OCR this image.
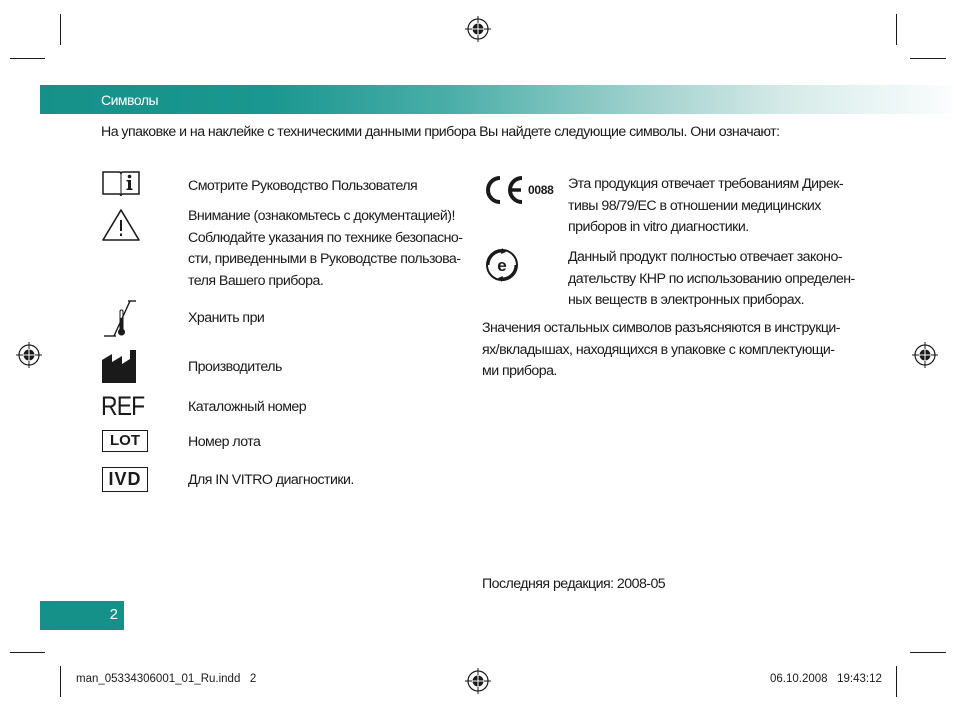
Символы
На упаковке и на наклейке с техническими данными прибора Вы найдете следующие символы. Они означают:
REF
LOT
IVD
Смотрите Руководство Пользователя
Внимание (ознакомьтесь с документацией)!
Соблюдайте указания по технике безопасно-
сти, приведенными в Руководстве пользова-
теля Вашего прибора.
Хранить при
Производитель
Каталожный номер
Номер лота
Для IN VITRO диагностики.
0088
e
Эта продукция отвечает требованиям Дирек-
тивы 98/79/EC в отношении медицинских
приборов in vitro диагностики.
Данный продукт полностью отвечает законо-
дательству КНР по использованию определен-
ных веществ в электронных приборах.
Значения остальных символов разъясняются в инструкци-
ях/вкладышах, находящихся в упаковке с комплектующи-
ми прибора.
Последняя редакция: 2008-05
2
man_05334306001_01_Ru.indd   2	06.10.2008   19:43:12
